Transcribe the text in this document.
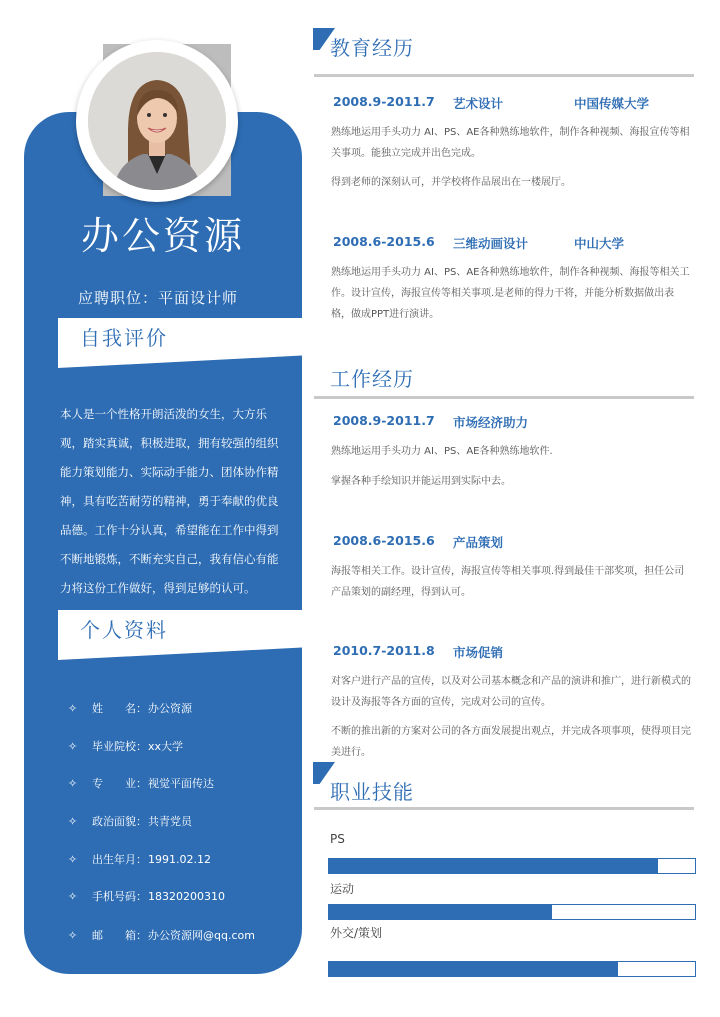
办公资源
应聘职位：平面设计师
自我评价
本人是一个性格开朗活泼的女生，大方乐观，踏实真诚，积极进取，拥有较强的组织能力策划能力、实际动手能力、团体协作精神，具有吃苦耐劳的精神，勇于奉献的优良品德。工作十分认真，希望能在工作中得到不断地锻炼，不断充实自己，我有信心有能力将这份工作做好，得到足够的认可。
个人资料
✧	姓　　名： 办公资源
✧	毕业院校： xx大学
✧	专　　业： 视觉平面传达
✧	政治面貌： 共青党员
✧	出生年月： 1991.02.12
✧	手机号码： 18320200310
✧	邮　　箱： 办公资源网@qq.com
教育经历
2008.9-2011.7	艺术设计	中国传媒大学
熟练地运用手头功力 AI、PS、AE各种熟练地软件，制作各种视频、海报宣传等相关事项。能独立完成并出色完成。
得到老师的深刻认可，并学校将作品展出在一楼展厅。
2008.6-2015.6	三维动画设计	中山大学
熟练地运用手头功力 AI、PS、AE各种熟练地软件，制作各种视频、海报等相关工作。设计宣传，海报宣传等相关事项.是老师的得力干将，并能分析数据做出表格，做成PPT进行演讲。
工作经历
2008.9-2011.7	市场经济助力
熟练地运用手头功力 AI、PS、AE各种熟练地软件.
掌握各种手绘知识并能运用到实际中去。
2008.6-2015.6	产品策划
海报等相关工作。设计宣传，海报宣传等相关事项.得到最佳干部奖项，担任公司产品策划的副经理，得到认可。
2010.7-2011.8	市场促销
对客户进行产品的宣传，以及对公司基本概念和产品的演讲和推广，进行新模式的设计及海报等各方面的宣传，完成对公司的宣传。
不断的推出新的方案对公司的各方面发展提出观点，并完成各项事项，使得项目完美进行。
职业技能
PS
运动
外交/策划
